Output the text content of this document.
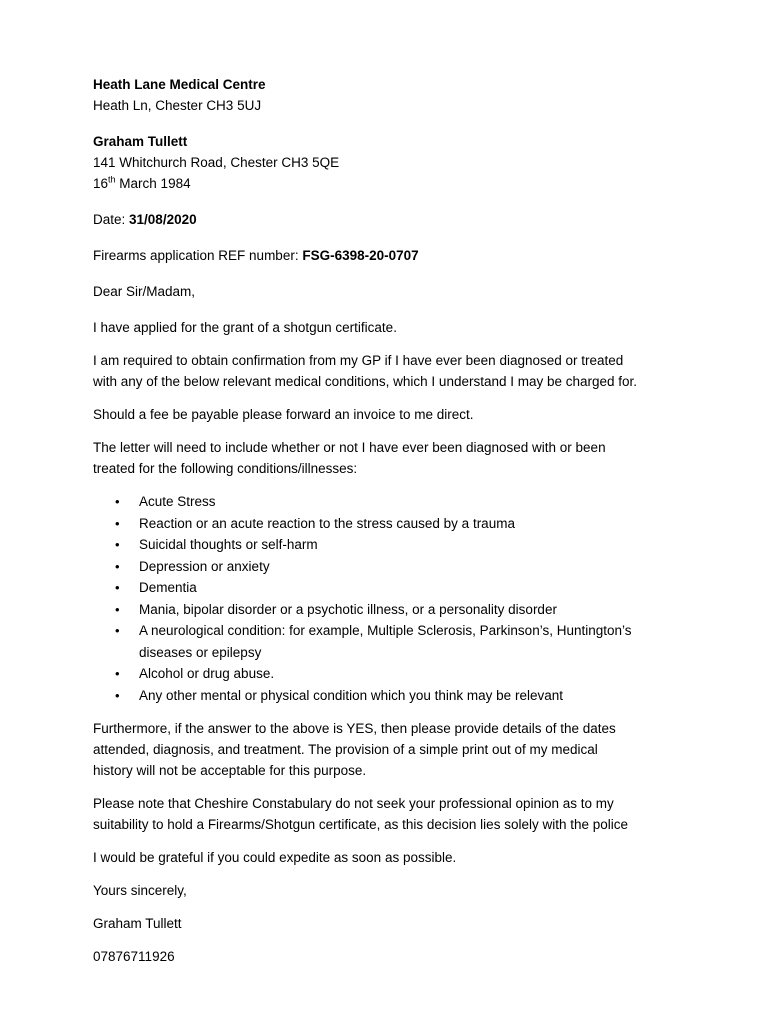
Heath Lane Medical Centre
Heath Ln, Chester CH3 5UJ
Graham Tullett
141 Whitchurch Road, Chester CH3 5QE
16th March 1984
Date: 31/08/2020
Firearms application REF number: FSG-6398-20-0707
Dear Sir/Madam,
I have applied for the grant of a shotgun certificate.
I am required to obtain confirmation from my GP if I have ever been diagnosed or treated
with any of the below relevant medical conditions, which I understand I may be charged for.
Should a fee be payable please forward an invoice to me direct.
The letter will need to include whether or not I have ever been diagnosed with or been
treated for the following conditions/illnesses:
• Acute Stress
• Reaction or an acute reaction to the stress caused by a trauma
• Suicidal thoughts or self-harm
• Depression or anxiety
• Dementia
• Mania, bipolar disorder or a psychotic illness, or a personality disorder
• A neurological condition: for example, Multiple Sclerosis, Parkinson’s, Huntington’s
diseases or epilepsy
• Alcohol or drug abuse.
• Any other mental or physical condition which you think may be relevant
Furthermore, if the answer to the above is YES, then please provide details of the dates
attended, diagnosis, and treatment. The provision of a simple print out of my medical
history will not be acceptable for this purpose.
Please note that Cheshire Constabulary do not seek your professional opinion as to my
suitability to hold a Firearms/Shotgun certificate, as this decision lies solely with the police
I would be grateful if you could expedite as soon as possible.
Yours sincerely,
Graham Tullett
07876711926
